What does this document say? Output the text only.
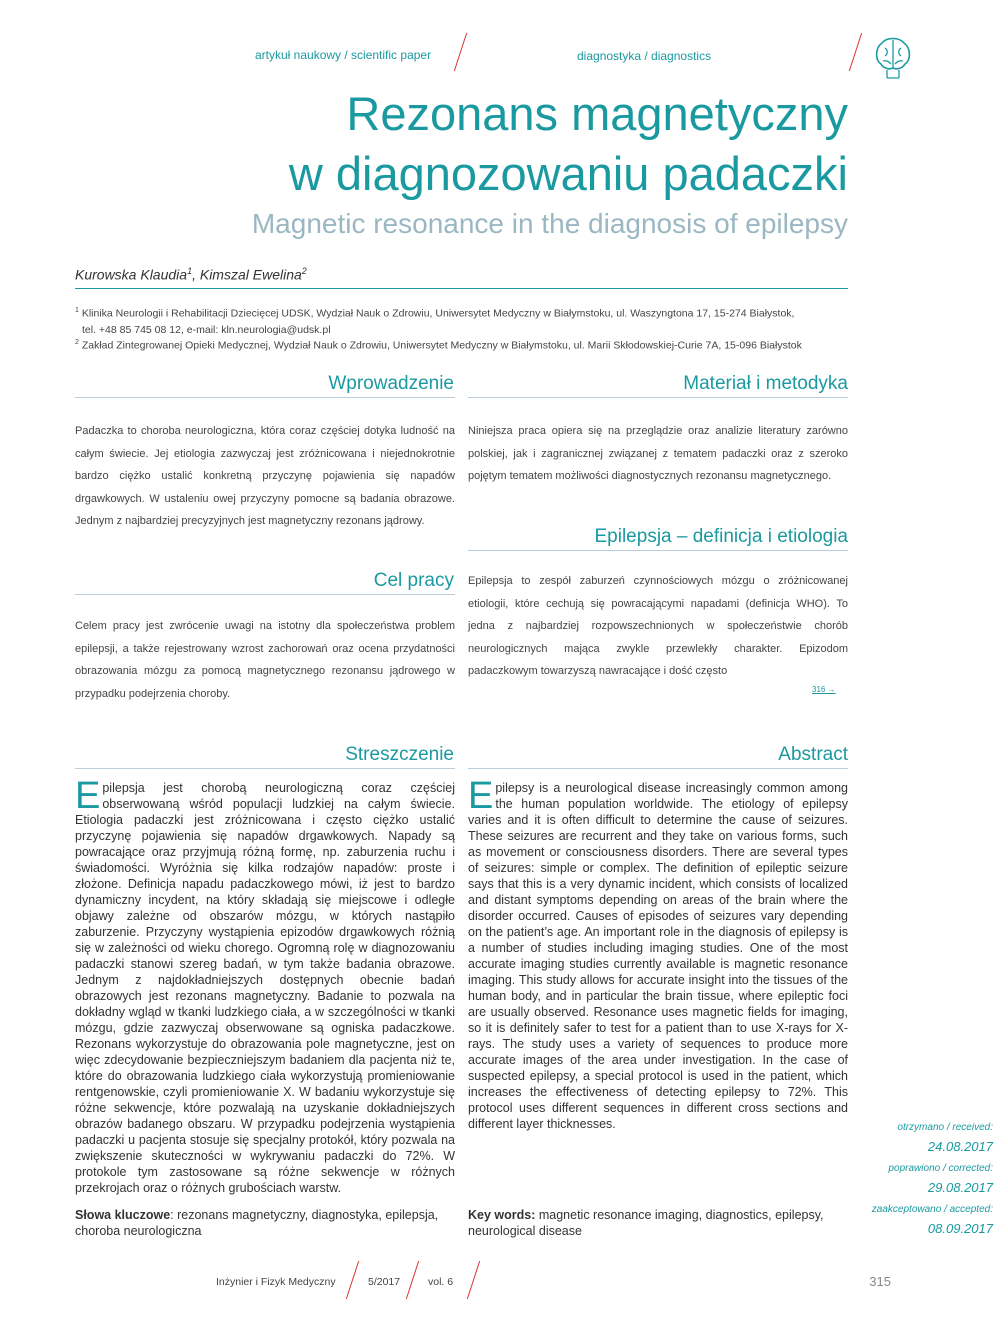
artykuł naukowy / scientific paper	diagnostyka / diagnostics
Rezonans magnetyczny
w diagnozowaniu padaczki
Magnetic resonance in the diagnosis of epilepsy
Kurowska Klaudia$^1$, Kimszal Ewelina$^2$
$^1$ Klinika Neurologii i Rehabilitacji Dziecięcej UDSK, Wydział Nauk o Zdrowiu, Uniwersytet Medyczny w Białymstoku, ul. Waszyngtona 17, 15-274 Białystok,
tel. +48 85 745 08 12, e-mail: kln.neurologia@udsk.pl
$^2$ Zakład Zintegrowanej Opieki Medycznej, Wydział Nauk o Zdrowiu, Uniwersytet Medyczny w Białymstoku, ul. Marii Skłodowskiej-Curie 7A, 15-096 Białystok
Wprowadzenie
Padaczka to choroba neurologiczna, która coraz częściej dotyka ludność na całym świecie. Jej etiologia zazwyczaj jest zróżnicowana i niejednokrotnie bardzo ciężko ustalić konkretną przyczynę pojawienia się napadów drgawkowych. W ustaleniu owej przyczyny pomocne są badania obrazowe. Jednym z najbardziej precyzyjnych jest magnetyczny rezonans jądrowy.
Cel pracy
Celem pracy jest zwrócenie uwagi na istotny dla społeczeństwa problem epilepsji, a także rejestrowany wzrost zachorowań oraz ocena przydatności obrazowania mózgu za pomocą magnetycznego rezonansu jądrowego w przypadku podejrzenia choroby.
Materiał i metodyka
Niniejsza praca opiera się na przeglądzie oraz analizie literatury zarówno polskiej, jak i zagranicznej związanej z tematem padaczki oraz z szeroko pojętym tematem możliwości diagnostycznych rezonansu magnetycznego.
Epilepsja – definicja i etiologia
Epilepsja to zespół zaburzeń czynnościowych mózgu o zróżnicowanej etiologii, które cechują się powracającymi napadami (definicja WHO). To jedna z najbardziej rozpowszechnionych w społeczeństwie chorób neurologicznych mająca zwykle przewlekły charakter. Epizodom padaczkowym towarzyszą nawracające i dość często
316 →
Streszczenie
Epilepsja jest chorobą neurologiczną coraz częściej obserwowaną wśród populacji ludzkiej na całym świecie. Etiologia padaczki jest zróżnicowana i często ciężko ustalić przyczynę pojawienia się napadów drgawkowych. Napady są powracające oraz przyjmują różną formę, np. zaburzenia ruchu i świadomości. Wyróżnia się kilka rodzajów napadów: proste i złożone. Definicja napadu padaczkowego mówi, iż jest to bardzo dynamiczny incydent, na który składają się miejscowe i odległe objawy zależne od obszarów mózgu, w których nastąpiło zaburzenie. Przyczyny wystąpienia epizodów drgawkowych różnią się w zależności od wieku chorego. Ogromną rolę w diagnozowaniu padaczki stanowi szereg badań, w tym także badania obrazowe. Jednym z najdokładniejszych dostępnych obecnie badań obrazowych jest rezonans magnetyczny. Badanie to pozwala na dokładny wgląd w tkanki ludzkiego ciała, a w szczególności w tkanki mózgu, gdzie zazwyczaj obserwowane są ogniska padaczkowe. Rezonans wykorzystuje do obrazowania pole magnetyczne, jest on więc zdecydowanie bezpieczniejszym badaniem dla pacjenta niż te, które do obrazowania ludzkiego ciała wykorzystują promieniowanie rentgenowskie, czyli promieniowanie X. W badaniu wykorzystuje się różne sekwencje, które pozwalają na uzyskanie dokładniejszych obrazów badanego obszaru. W przypadku podejrzenia wystąpienia padaczki u pacjenta stosuje się specjalny protokół, który pozwala na zwiększenie skuteczności w wykrywaniu padaczki do 72%. W protokole tym zastosowane są różne sekwencje w różnych przekrojach oraz o różnych grubościach warstw.
Słowa kluczowe: rezonans magnetyczny, diagnostyka, epilepsja, choroba neurologiczna
Abstract
Epilepsy is a neurological disease increasingly common among the human population worldwide. The etiology of epilepsy varies and it is often difficult to determine the cause of seizures. These seizures are recurrent and they take on various forms, such as movement or consciousness disorders. There are several types of seizures: simple or complex. The definition of epileptic seizure says that this is a very dynamic incident, which consists of localized and distant symptoms depending on areas of the brain where the disorder occurred. Causes of episodes of seizures vary depending on the patient’s age. An important role in the diagnosis of epilepsy is a number of studies including imaging studies. One of the most accurate imaging studies currently available is magnetic resonance imaging. This study allows for accurate insight into the tissues of the human body, and in particular the brain tissue, where epileptic foci are usually observed. Resonance uses magnetic fields for imaging, so it is definitely safer to test for a patient than to use X-rays for X-rays. The study uses a variety of sequences to produce more accurate images of the area under investigation. In the case of suspected epilepsy, a special protocol is used in the patient, which increases the effectiveness of detecting epilepsy to 72%. This protocol uses different sequences in different cross sections and different layer thicknesses.
Key words: magnetic resonance imaging, diagnostics, epilepsy, neurological disease
otrzymano / received:
24.08.2017
poprawiono / corrected:
29.08.2017
zaakceptowano / accepted:
08.09.2017
Inżynier i Fizyk Medyczny	5/2017	vol. 6	315
